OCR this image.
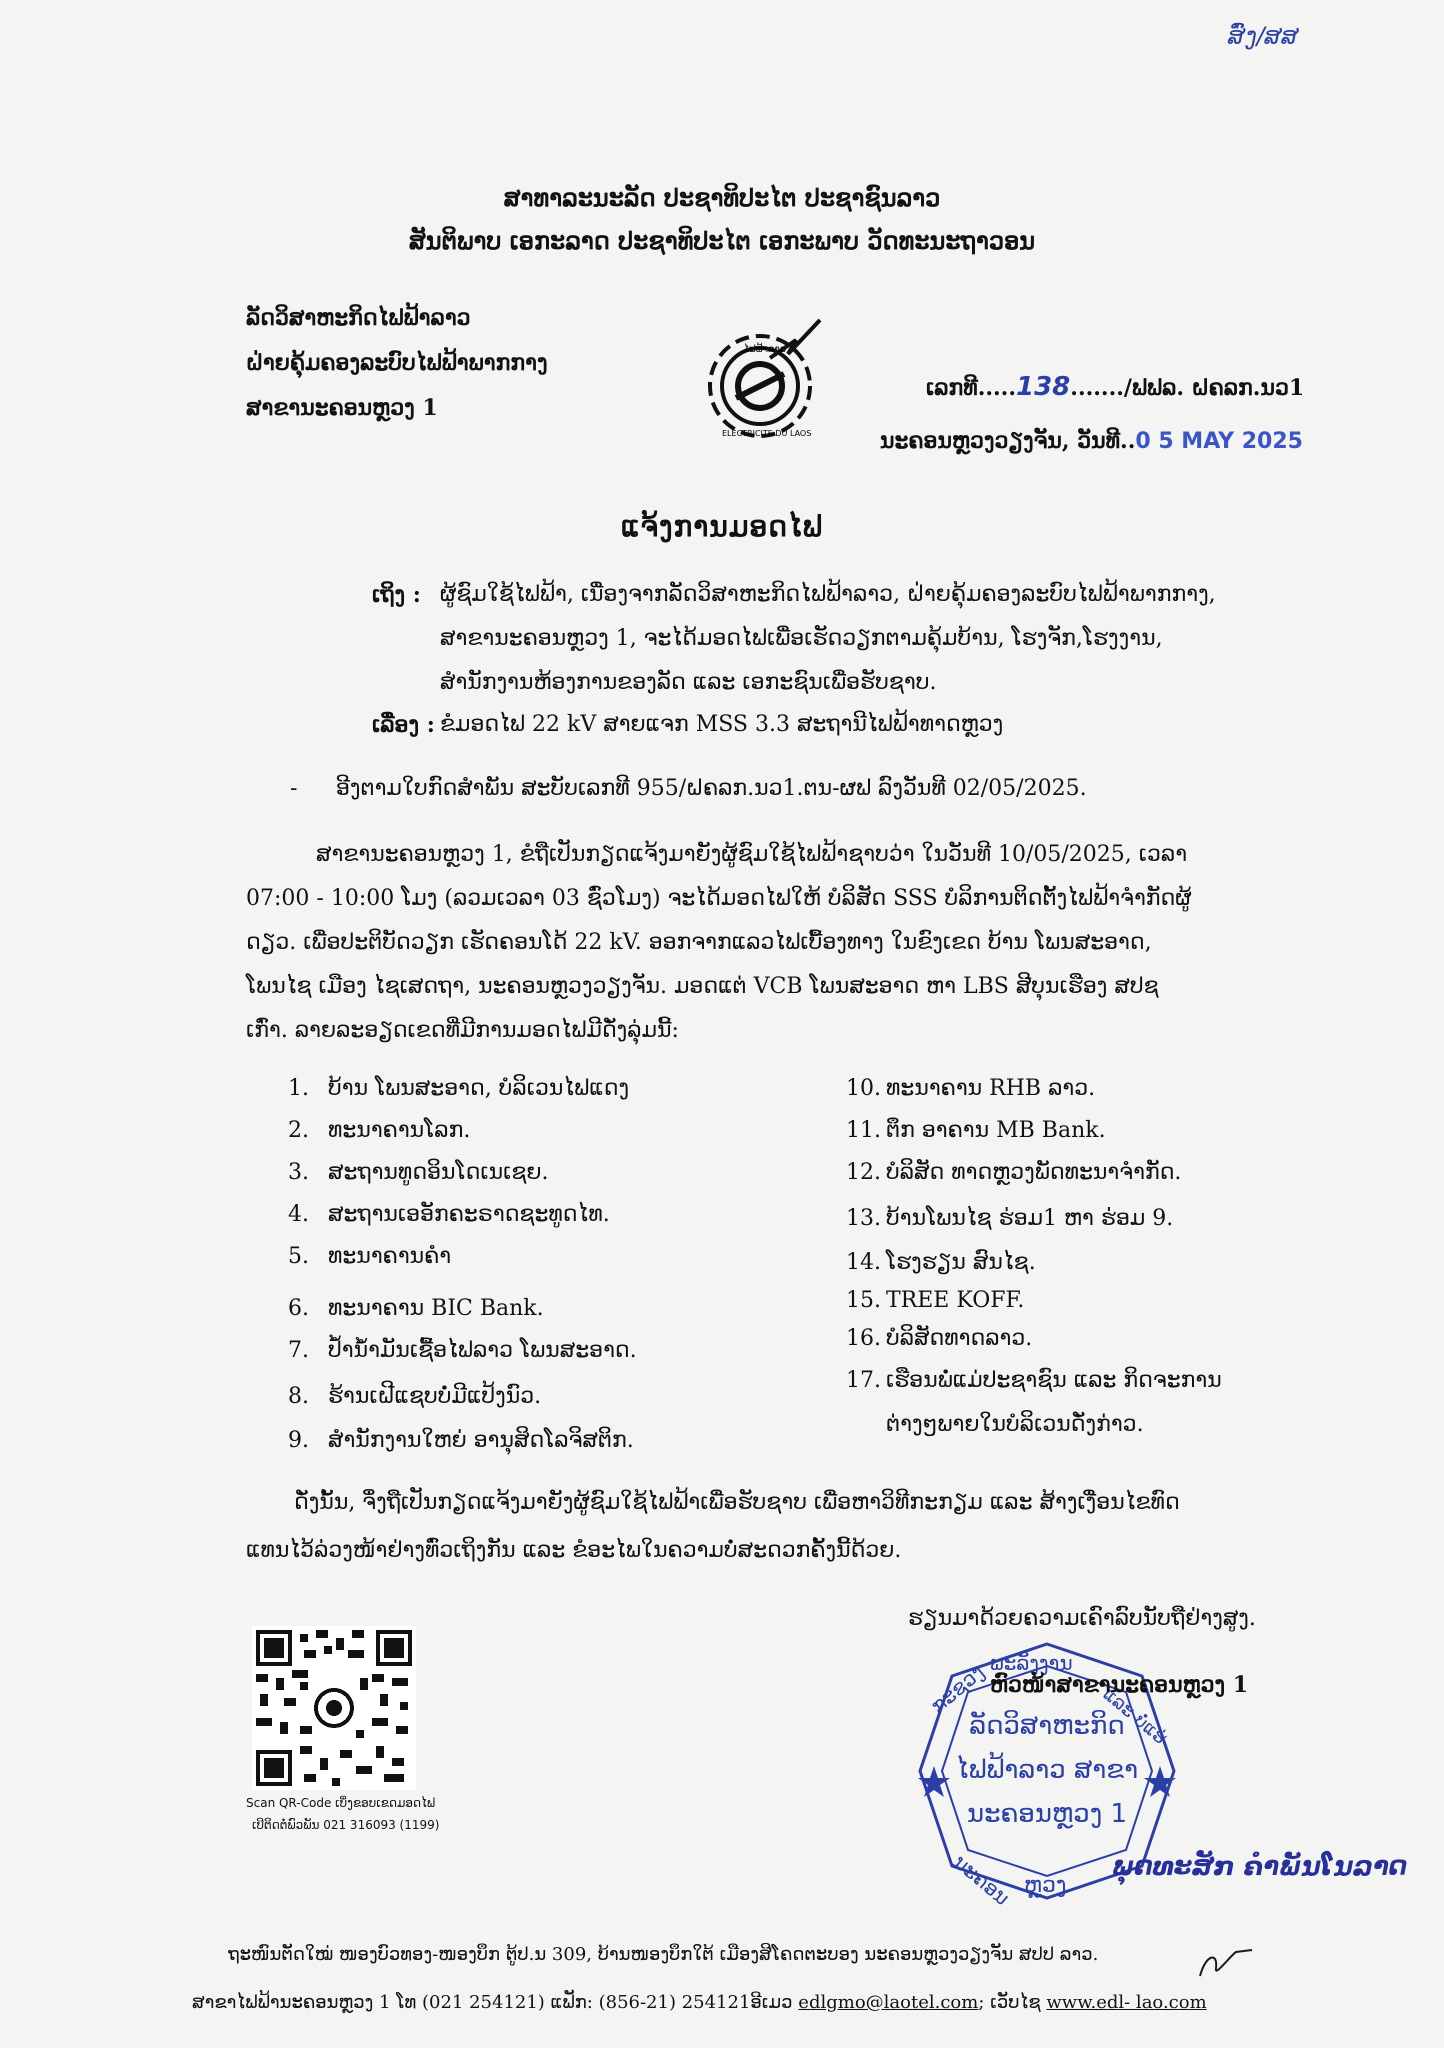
ສົ່ງ/ສສ
ສາທາລະນະລັດ ປະຊາທິປະໄຕ ປະຊາຊົນລາວ
ສັນຕິພາບ ເອກະລາດ ປະຊາທິປະໄຕ ເອກະພາບ ວັດທະນະຖາວອນ
ລັດວິສາຫະກິດໄຟຟ້າລາວ
ຝ່າຍຄຸ້ມຄອງລະບົບໄຟຟ້າພາກກາງ
ສາຂານະຄອນຫຼວງ 1
ໄຟຟ້າລາວ
ELECTRICITE DU LAOS
ເລກທີ.....138......./ຟຟລ. ຝຄລກ.ນວ1
ນະຄອນຫຼວງວຽງຈັນ, ວັນທີ..0 5 MAY 2025
ແຈ້ງການມອດໄຟ
ເຖິງ : ຜູ້ຊົມໃຊ້ໄຟຟ້າ, ເນື່ອງຈາກລັດວິສາຫະກິດໄຟຟ້າລາວ, ຝ່າຍຄຸ້ມຄອງລະບົບໄຟຟ້າພາກກາງ,
ສາຂານະຄອນຫຼວງ 1, ຈະໄດ້ມອດໄຟເພື່ອເຮັດວຽກຕາມຄຸ້ມບ້ານ, ໂຮງຈັກ,ໂຮງງານ,
ສຳນັກງານຫ້ອງການຂອງລັດ ແລະ ເອກະຊົນເພື່ອຮັບຊາບ.
ເລື່ອງ : ຂໍມອດໄຟ 22 kV ສາຍແຈກ MSS 3.3 ສະຖານີໄຟຟ້າທາດຫຼວງ
- ອີງຕາມໃບກົດສຳພັນ ສະບັບເລກທີ 955/ຝຄລກ.ນວ1.ຕນ-ຜຟ ລົງວັນທີ 02/05/2025.
ສາຂານະຄອນຫຼວງ 1, ຂໍຖືເປັນກຽດແຈ້ງມາຍັງຜູ້ຊົມໃຊ້ໄຟຟ້າຊາບວ່າ ໃນວັນທີ 10/05/2025, ເວລາ
07:00 - 10:00 ໂມງ (ລວມເວລາ 03 ຊົ່ວໂມງ) ຈະໄດ້ມອດໄຟໃຫ້ ບໍລິສັດ SSS ບໍລິການຕິດຕັ້ງໄຟຟ້າຈຳກັດຜູ້
ດຽວ. ເພື່ອປະຕິບັດວຽກ ເຮັດຄອນໂດ້ 22 kV. ອອກຈາກແລວໄຟເບື້ອງທາງ ໃນຂົງເຂດ ບ້ານ ໂພນສະອາດ,
ໂພນໄຊ ເມືອງ ໄຊເສດຖາ, ນະຄອນຫຼວງວຽງຈັນ. ມອດແຕ່ VCB ໂພນສະອາດ ຫາ LBS ສີບຸນເຮືອງ ສປຊ
ເກົ່າ. ລາຍລະອຽດເຂດທີ່ມີການມອດໄຟມີດັ່ງລຸ່ມນີ້:
1. ບ້ານ ໂພນສະອາດ, ບໍລິເວນໄຟແດງ
2. ທະນາຄານໂລກ.
3. ສະຖານທູດອິນໂດເນເຊຍ.
4. ສະຖານເອອັກຄະຣາດຊະທູດໄທ.
5. ທະນາຄານຄຳ
6. ທະນາຄານ BIC Bank.
7. ປໍ້ານໍ້າມັນເຊື້ອໄຟລາວ ໂພນສະອາດ.
8. ຮ້ານເຝີແຊບບໍ່ມີແປ້ງນົວ.
9. ສຳນັກງານໃຫຍ່ ອານຸສິດໂລຈິສຕິກ.
10. ທະນາຄານ RHB ລາວ.
11. ຕຶກ ອາຄານ MB Bank.
12. ບໍລິສັດ ທາດຫຼວງພັດທະນາຈຳກັດ.
13. ບ້ານໂພນໄຊ ຮ່ອມ1 ຫາ ຮ່ອມ 9.
14. ໂຮງຮຽນ ສົນໄຊ.
15. TREE KOFF.
16. ບໍລິສັດທາດລາວ.
17. ເຮືອນພໍ່ແມ່ປະຊາຊົນ ແລະ ກິດຈະການ
ຕ່າງໆພາຍໃນບໍລິເວນດັ່ງກ່າວ.
ດັ່ງນັ້ນ, ຈຶ່ງຖືເປັນກຽດແຈ້ງມາຍັງຜູ້ຊົມໃຊ້ໄຟຟ້າເພື່ອຮັບຊາບ ເພື່ອຫາວິທີກະກຽມ ແລະ ສ້າງເງື່ອນໄຂທົດ
ແທນໄວ້ລ່ວງໜ້າຢ່າງທົ່ວເຖິງກັນ ແລະ ຂໍອະໄພໃນຄວາມບໍ່ສະດວກຄັ້ງນີ້ດ້ວຍ.
ຮຽນມາດ້ວຍຄວາມເຄົາລົບນັບຖືຢ່າງສູງ.
Scan QR-Code ເບິ່ງຂອບເຂດມອດໄຟ
ເບີຕິດຕໍ່ພົວພັນ 021 316093 (1199)
ພະລັງງານ
ກະຊວງ	ແລະ ບໍ່ແຮ່
ລັດວິສາຫະກິດ
ໄຟຟ້າລາວ ສາຂາ
ນະຄອນຫຼວງ 1
ນະຄອນ ຫຼວງ
ຫົວໜ້າສາຂານະຄອນຫຼວງ 1
ພຸດທະສັກ ຄຳພັນໂນລາດ
ຖະໜົນຕັດໃໝ່ ໜອງບົວທອງ-ໜອງບຶກ ຕູ້ປ.ນ 309, ບ້ານໜອງບຶກໃຕ້ ເມືອງສີໂຄດຕະບອງ ນະຄອນຫຼວງວຽງຈັນ ສປປ ລາວ.
ສາຂາໄຟຟ້ານະຄອນຫຼວງ 1 ໂທ (021 254121) ແຟັກ: (856-21) 254121ອີເມວ edlgmo@laotel.com; ເວັບໄຊ www.edl- lao.com
